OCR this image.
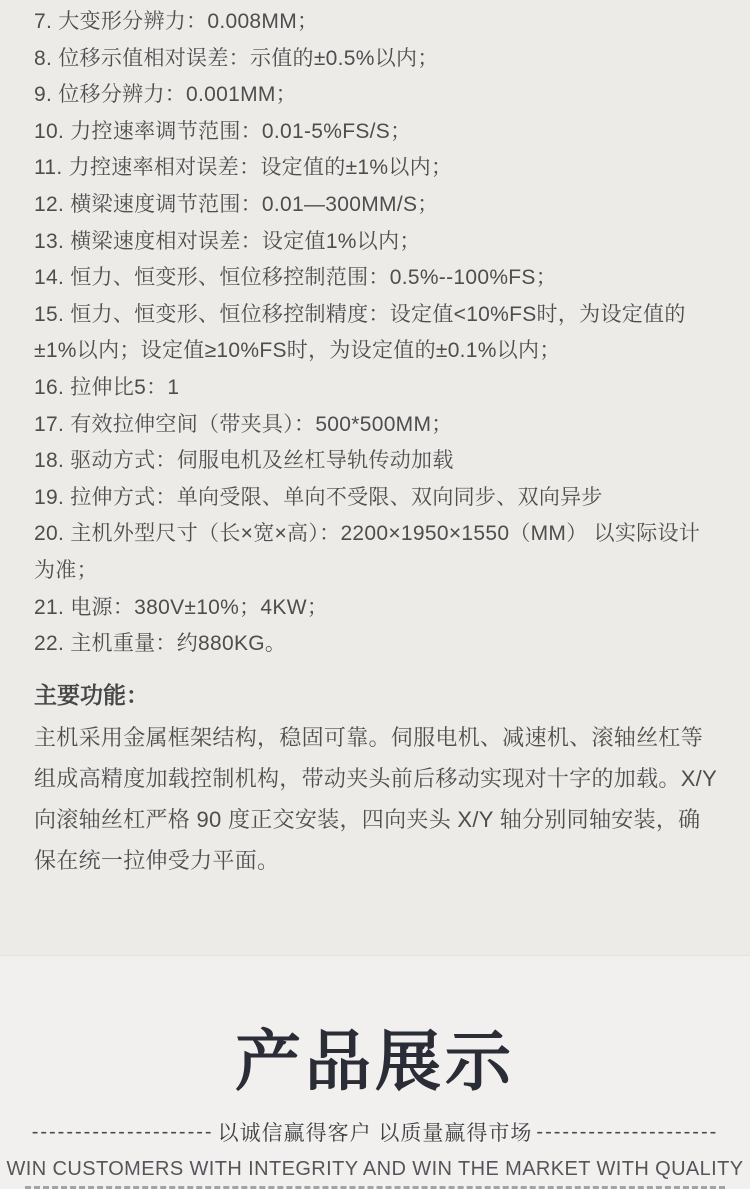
7. 大变形分辨力：0.008MM；
8. 位移示值相对误差：示值的±0.5%以内；
9. 位移分辨力：0.001MM；
10. 力控速率调节范围：0.01-5%FS/S；
11. 力控速率相对误差：设定值的±1%以内；
12. 横梁速度调节范围：0.01—300MM/S；
13. 横梁速度相对误差：设定值1%以内；
14. 恒力、恒变形、恒位移控制范围：0.5%--100%FS；
15. 恒力、恒变形、恒位移控制精度：设定值<10%FS时，为设定值的±1%以内；设定值≥10%FS时，为设定值的±0.1%以内；
16. 拉伸比5：1
17. 有效拉伸空间（带夹具）：500*500MM；
18. 驱动方式：伺服电机及丝杠导轨传动加载
19. 拉伸方式：单向受限、单向不受限、双向同步、双向异步
20. 主机外型尺寸（长×宽×高）：2200×1950×1550（MM） 以实际设计为准；
21. 电源：380V±10%；4KW；
22. 主机重量：约880KG。
主要功能：
主机采用金属框架结构，稳固可靠。伺服电机、减速机、滚轴丝杠等组成高精度加载控制机构，带动夹头前后移动实现对十字的加载。X/Y 向滚轴丝杠严格 90 度正交安装，四向夹头 X/Y 轴分别同轴安装，确保在统一拉伸受力平面。
产品展示
--------------------- 以诚信赢得客户 以质量赢得市场 ---------------------
WIN CUSTOMERS WITH INTEGRITY AND WIN THE MARKET WITH QUALITY
